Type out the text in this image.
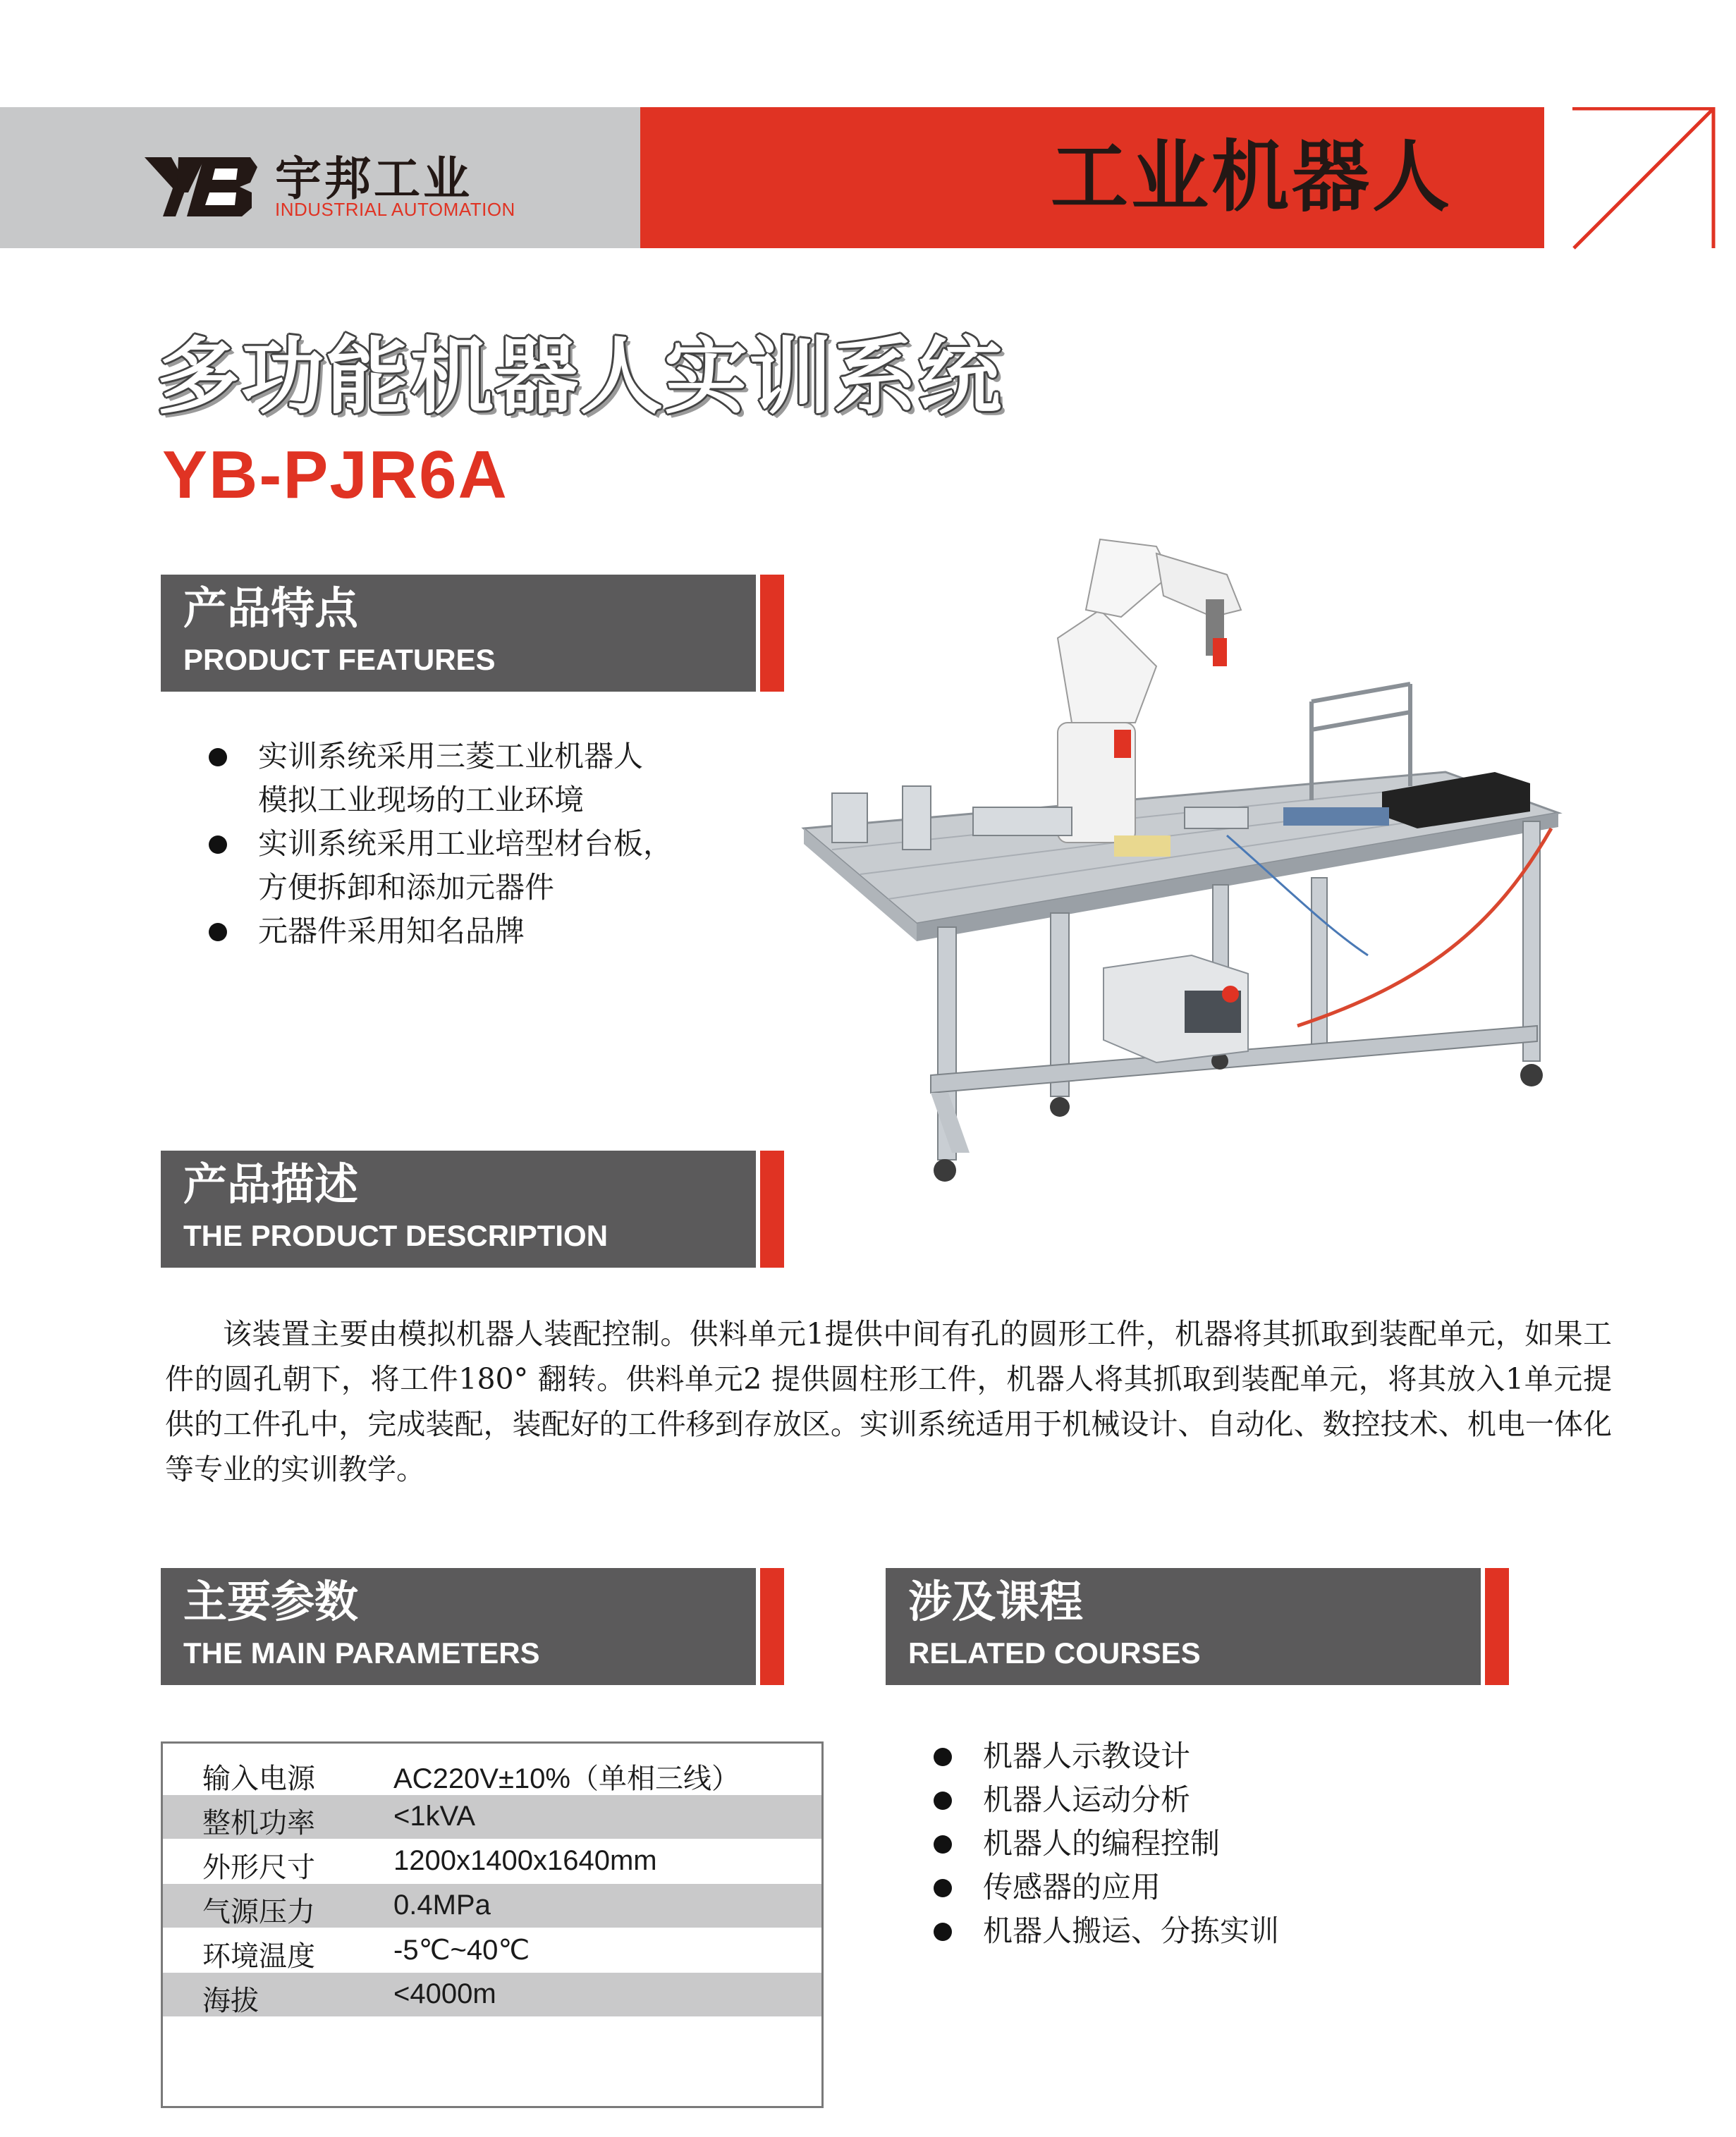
宇邦工业
INDUSTRIAL AUTOMATION	工业机器人
多功能机器人实训系统
YB-PJR6A
产品特点
PRODUCT FEATURES
实训系统采用三菱工业机器人
模拟工业现场的工业环境
实训系统采用工业培型材台板，
方便拆卸和添加元器件
元器件采用知名品牌
产品描述
THE PRODUCT DESCRIPTION

该装置主要由模拟机器人装配控制。供料单元1提供中间有孔的圆形工件，机器将其抓取到装配单元，如果工件的圆孔朝下，将工件180° 翻转。供料单元2 提供圆柱形工件，机器人将其抓取到装配单元，将其放入1单元提供的工件孔中，完成装配，装配好的工件移到存放区。实训系统适用于机械设计、自动化、数控技术、机电一体化等专业的实训教学。

主要参数
THE MAIN PARAMETERS
输入电源	AC220V±10%（单相三线）
整机功率	<1kVA
外形尺寸	1200x1400x1640mm
气源压力	0.4MPa
环境温度	-5℃~40℃
海拔	<4000m
涉及课程
RELATED COURSES
机器人示教设计
机器人运动分析
机器人的编程控制
传感器的应用
机器人搬运、分拣实训
